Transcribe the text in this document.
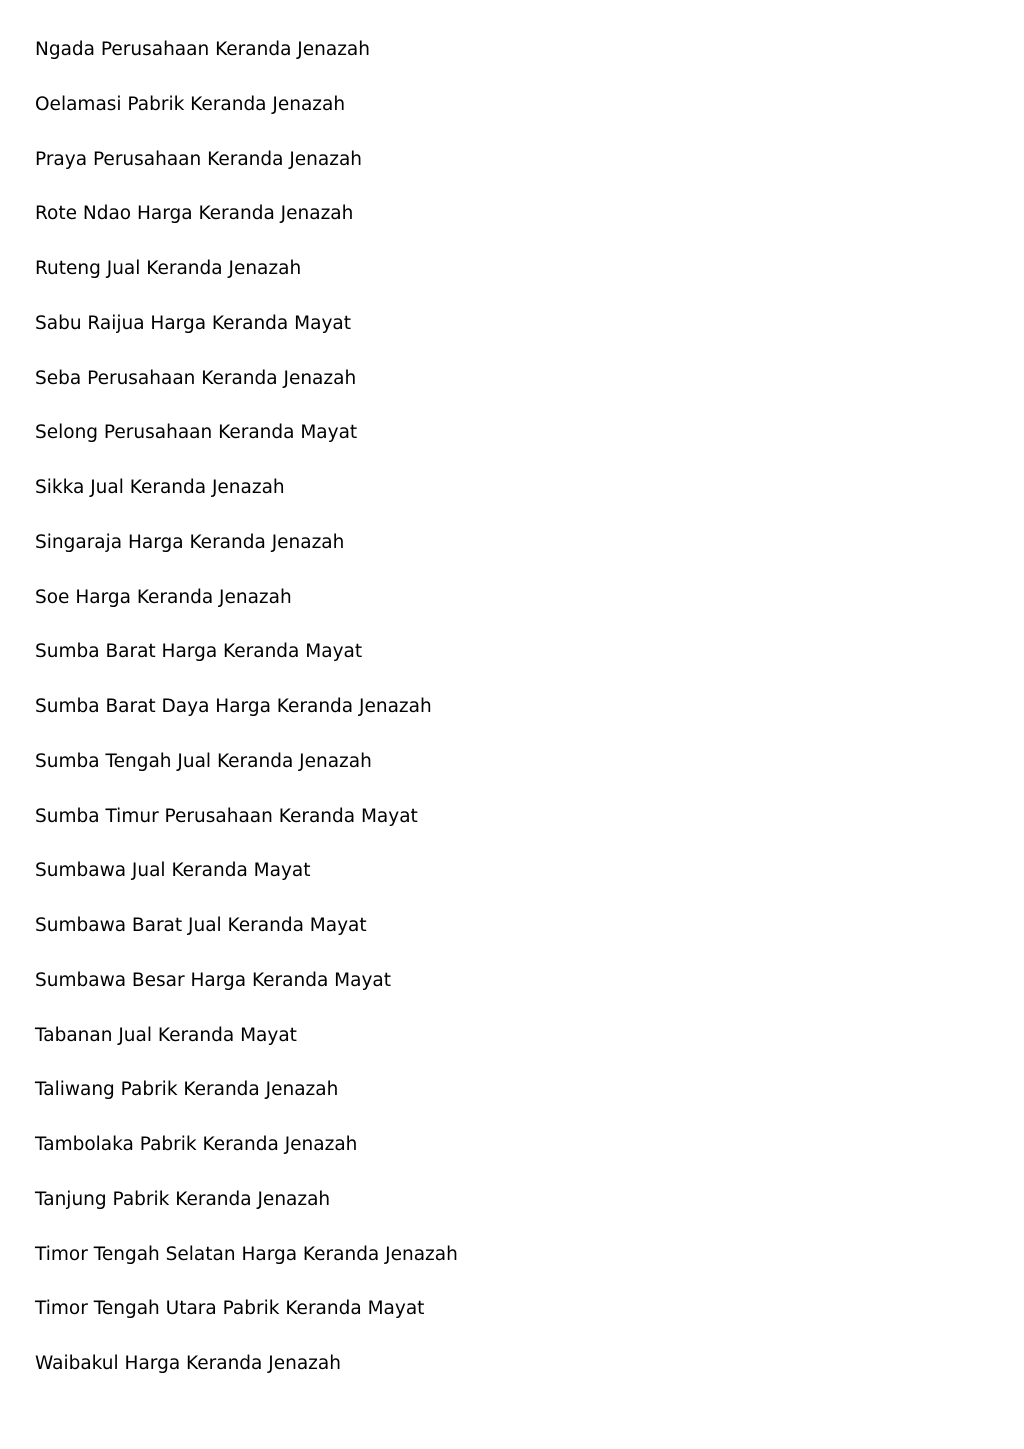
Ngada Perusahaan Keranda Jenazah
Oelamasi Pabrik Keranda Jenazah
Praya Perusahaan Keranda Jenazah
Rote Ndao Harga Keranda Jenazah
Ruteng Jual Keranda Jenazah
Sabu Raijua Harga Keranda Mayat
Seba Perusahaan Keranda Jenazah
Selong Perusahaan Keranda Mayat
Sikka Jual Keranda Jenazah
Singaraja Harga Keranda Jenazah
Soe Harga Keranda Jenazah
Sumba Barat Harga Keranda Mayat
Sumba Barat Daya Harga Keranda Jenazah
Sumba Tengah Jual Keranda Jenazah
Sumba Timur Perusahaan Keranda Mayat
Sumbawa Jual Keranda Mayat
Sumbawa Barat Jual Keranda Mayat
Sumbawa Besar Harga Keranda Mayat
Tabanan Jual Keranda Mayat
Taliwang Pabrik Keranda Jenazah
Tambolaka Pabrik Keranda Jenazah
Tanjung Pabrik Keranda Jenazah
Timor Tengah Selatan Harga Keranda Jenazah
Timor Tengah Utara Pabrik Keranda Mayat
Waibakul Harga Keranda Jenazah
